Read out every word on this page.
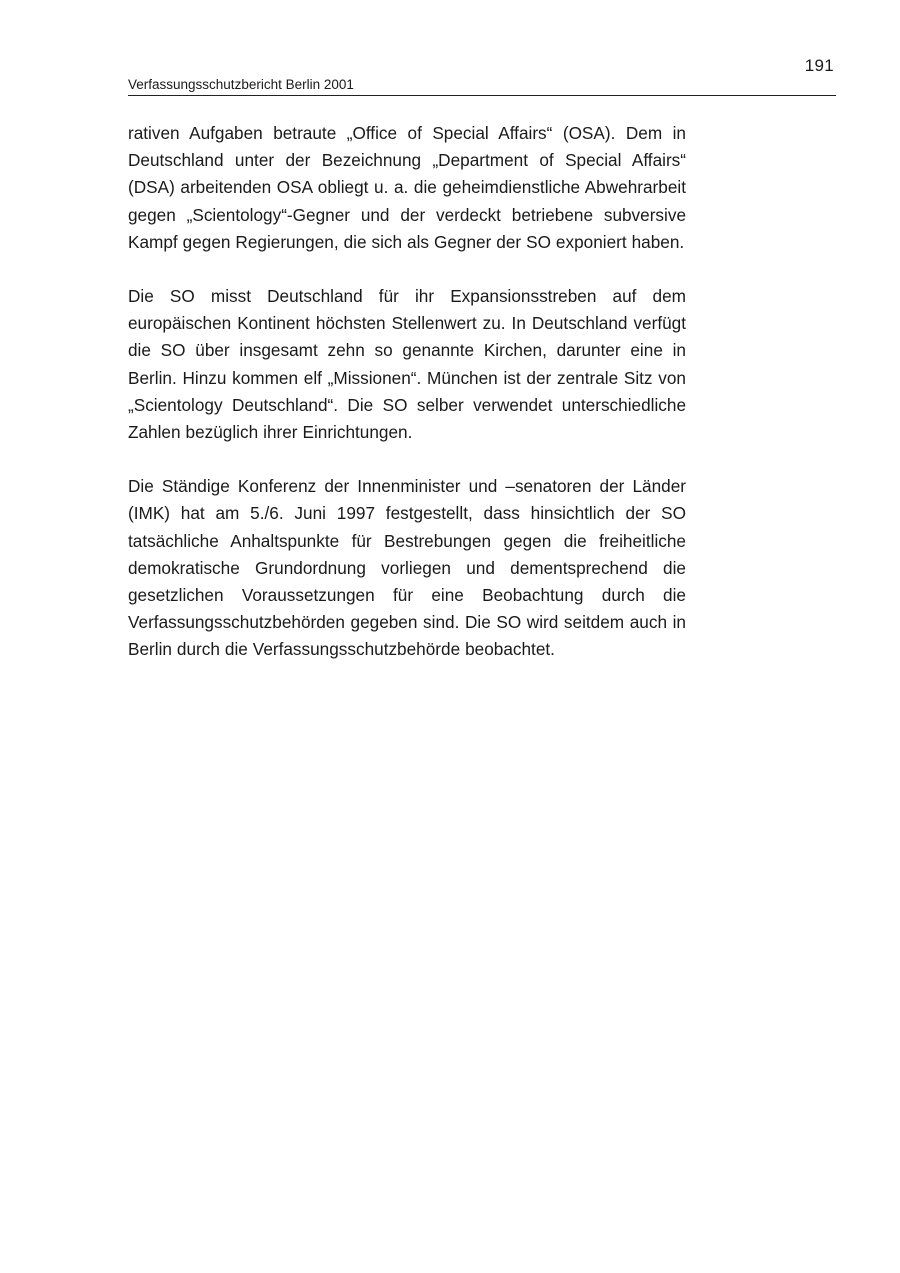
191
Verfassungsschutzbericht Berlin 2001

rativen Aufgaben betraute „Office of Special Affairs“ (OSA). Dem in Deutschland unter der Bezeichnung „Department of Special Affairs“ (DSA) arbeitenden OSA obliegt u. a. die geheimdienstliche Abwehrarbeit gegen „Scientology“-Gegner und der verdeckt betriebene subversive Kampf gegen Regierungen, die sich als Gegner der SO exponiert haben.

Die SO misst Deutschland für ihr Expansionsstreben auf dem europäischen Kontinent höchsten Stellenwert zu. In Deutschland verfügt die SO über insgesamt zehn so genannte Kirchen, darunter eine in Berlin. Hinzu kommen elf „Missionen“. München ist der zentrale Sitz von „Scientology Deutschland“. Die SO selber verwendet unterschiedliche Zahlen bezüglich ihrer Einrichtungen.

Die Ständige Konferenz der Innenminister und –senatoren der Länder (IMK) hat am 5./6. Juni 1997 festgestellt, dass hinsichtlich der SO tatsächliche Anhaltspunkte für Bestrebungen gegen die freiheitliche demokratische Grundordnung vorliegen und dementsprechend die gesetzlichen Voraussetzungen für eine Beobachtung durch die Verfassungsschutzbehörden gegeben sind. Die SO wird seitdem auch in Berlin durch die Verfassungsschutzbehörde beobachtet.
